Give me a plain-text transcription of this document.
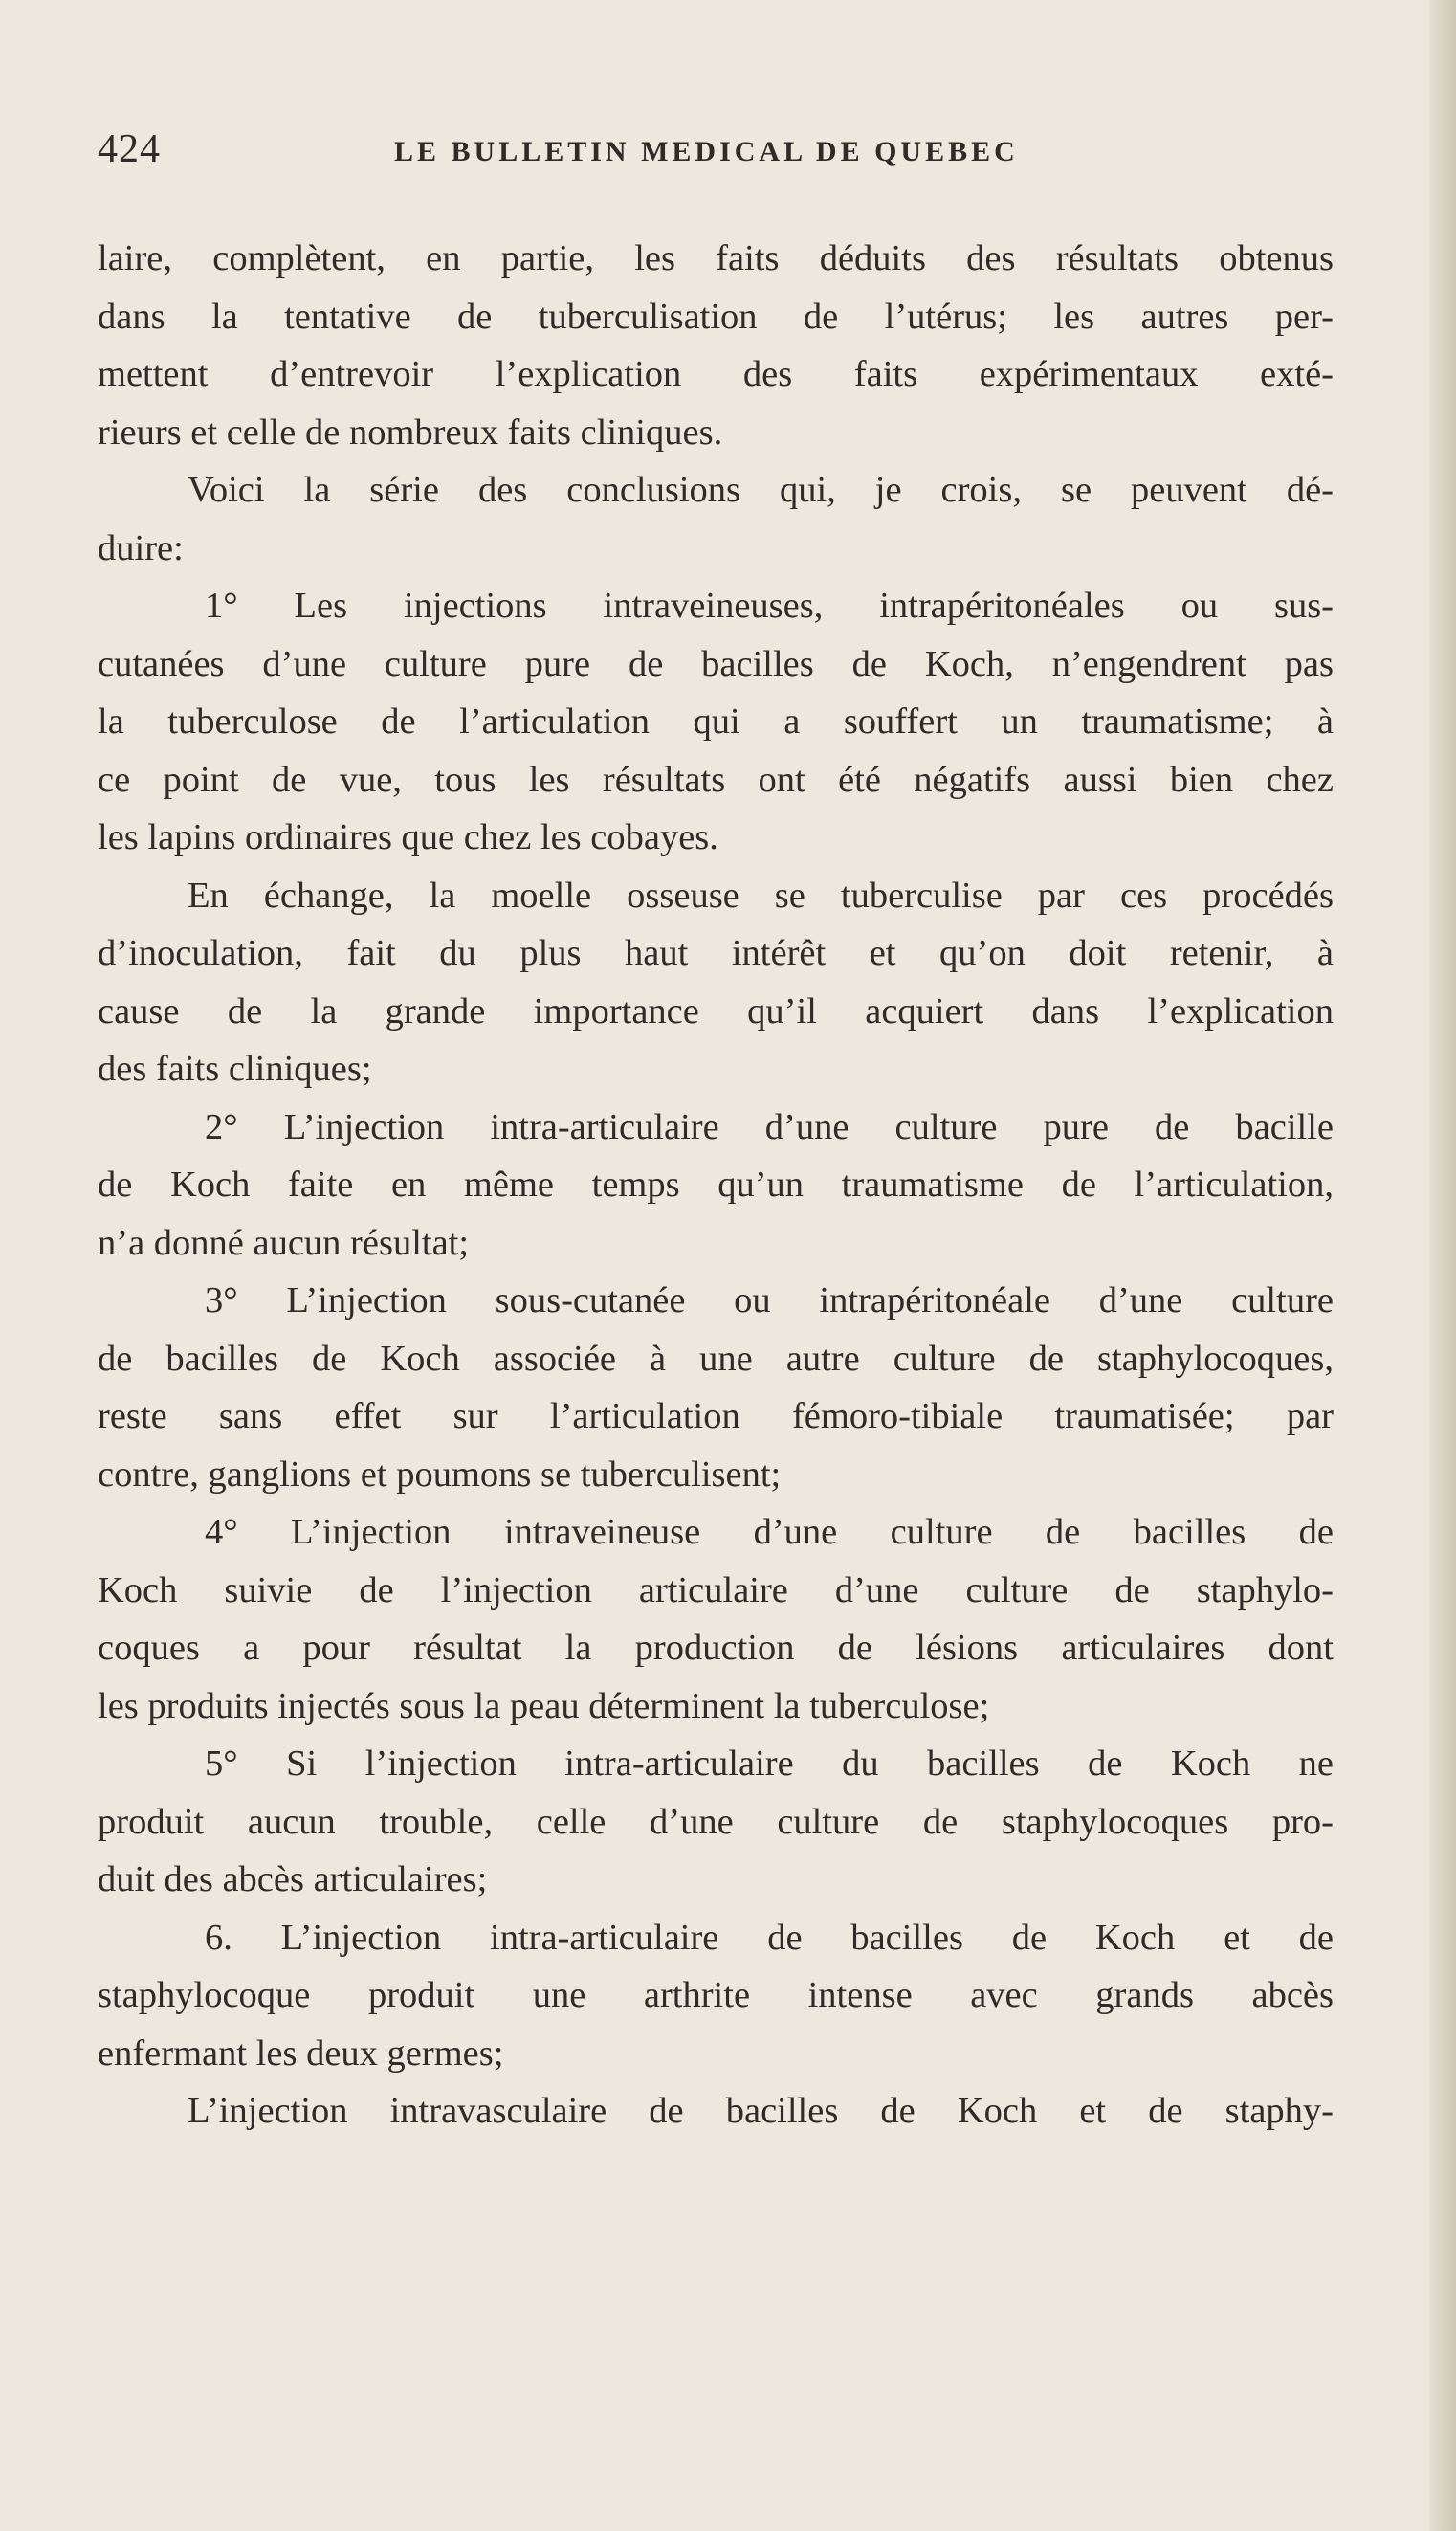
424	LE BULLETIN MEDICAL DE QUEBEC
laire, complètent, en partie, les faits déduits des résultats obtenus
dans la tentative de tuberculisation de l’utérus; les autres per-
mettent d’entrevoir l’explication des faits expérimentaux exté-
rieurs et celle de nombreux faits cliniques.
Voici la série des conclusions qui, je crois, se peuvent dé-
duire:
1° Les injections intraveineuses, intrapéritonéales ou sus-
cutanées d’une culture pure de bacilles de Koch, n’engendrent pas
la tuberculose de l’articulation qui a souffert un traumatisme; à
ce point de vue, tous les résultats ont été négatifs aussi bien chez
les lapins ordinaires que chez les cobayes.
En échange, la moelle osseuse se tuberculise par ces procédés
d’inoculation, fait du plus haut intérêt et qu’on doit retenir, à
cause de la grande importance qu’il acquiert dans l’explication
des faits cliniques;
2° L’injection intra-articulaire d’une culture pure de bacille
de Koch faite en même temps qu’un traumatisme de l’articulation,
n’a donné aucun résultat;
3° L’injection sous-cutanée ou intrapéritonéale d’une culture
de bacilles de Koch associée à une autre culture de staphylocoques,
reste sans effet sur l’articulation fémoro-tibiale traumatisée; par
contre, ganglions et poumons se tuberculisent;
4° L’injection intraveineuse d’une culture de bacilles de
Koch suivie de l’injection articulaire d’une culture de staphylo-
coques a pour résultat la production de lésions articulaires dont
les produits injectés sous la peau déterminent la tuberculose;
5° Si l’injection intra-articulaire du bacilles de Koch ne
produit aucun trouble, celle d’une culture de staphylocoques pro-
duit des abcès articulaires;
6. L’injection intra-articulaire de bacilles de Koch et de
staphylocoque produit une arthrite intense avec grands abcès
enfermant les deux germes;
L’injection intravasculaire de bacilles de Koch et de staphy-
